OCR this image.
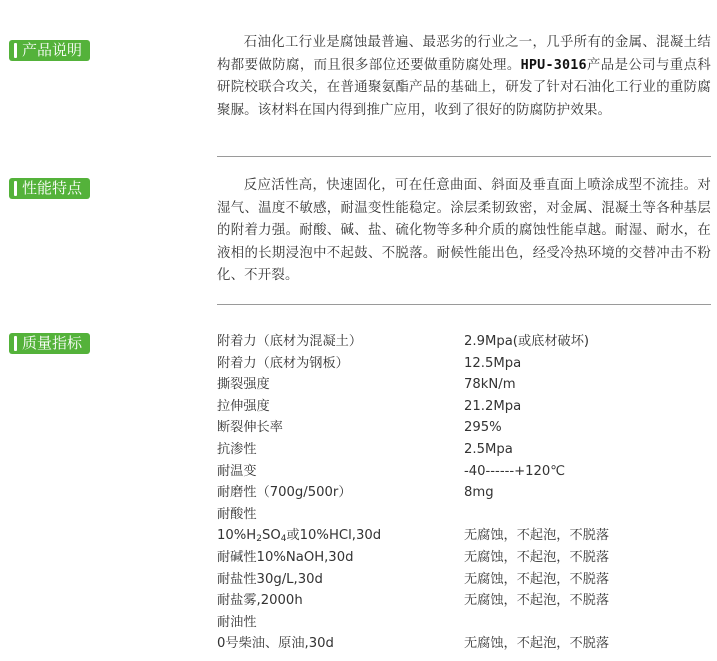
产品说明	石油化工行业是腐蚀最普遍、最恶劣的行业之一，几乎所有的金属、混凝土结构都要做防腐，而且很多部位还要做重防腐处理。HPU-3016产品是公司与重点科研院校联合攻关，在普通聚氨酯产品的基础上，研发了针对石油化工行业的重防腐聚脲。该材料在国内得到推广应用，收到了很好的防腐防护效果。

性能特点	反应活性高，快速固化，可在任意曲面、斜面及垂直面上喷涂成型不流挂。对湿气、温度不敏感，耐温变性能稳定。涂层柔韧致密，对金属、混凝土等各种基层的附着力强。耐酸、碱、盐、硫化物等多种介质的腐蚀性能卓越。耐湿、耐水，在液相的长期浸泡中不起鼓、不脱落。耐候性能出色，经受冷热环境的交替冲击不粉化、不开裂。

质量指标	附着力（底材为混凝土）	2.9Mpa(或底材破坏)
附着力（底材为钢板）	12.5Mpa
撕裂强度	78kN/m
拉伸强度	21.2Mpa
断裂伸长率	295%
抗渗性	2.5Mpa
耐温变	-40------+120℃
耐磨性（700g/500r）	8mg
耐酸性
$10\%H_2SO_4$或10%HCl,30d	无腐蚀，不起泡，不脱落
耐碱性10%NaOH,30d	无腐蚀，不起泡，不脱落
耐盐性30g/L,30d	无腐蚀，不起泡，不脱落
耐盐雾,2000h	无腐蚀，不起泡，不脱落
耐油性
0号柴油、原油,30d	无腐蚀，不起泡，不脱落
